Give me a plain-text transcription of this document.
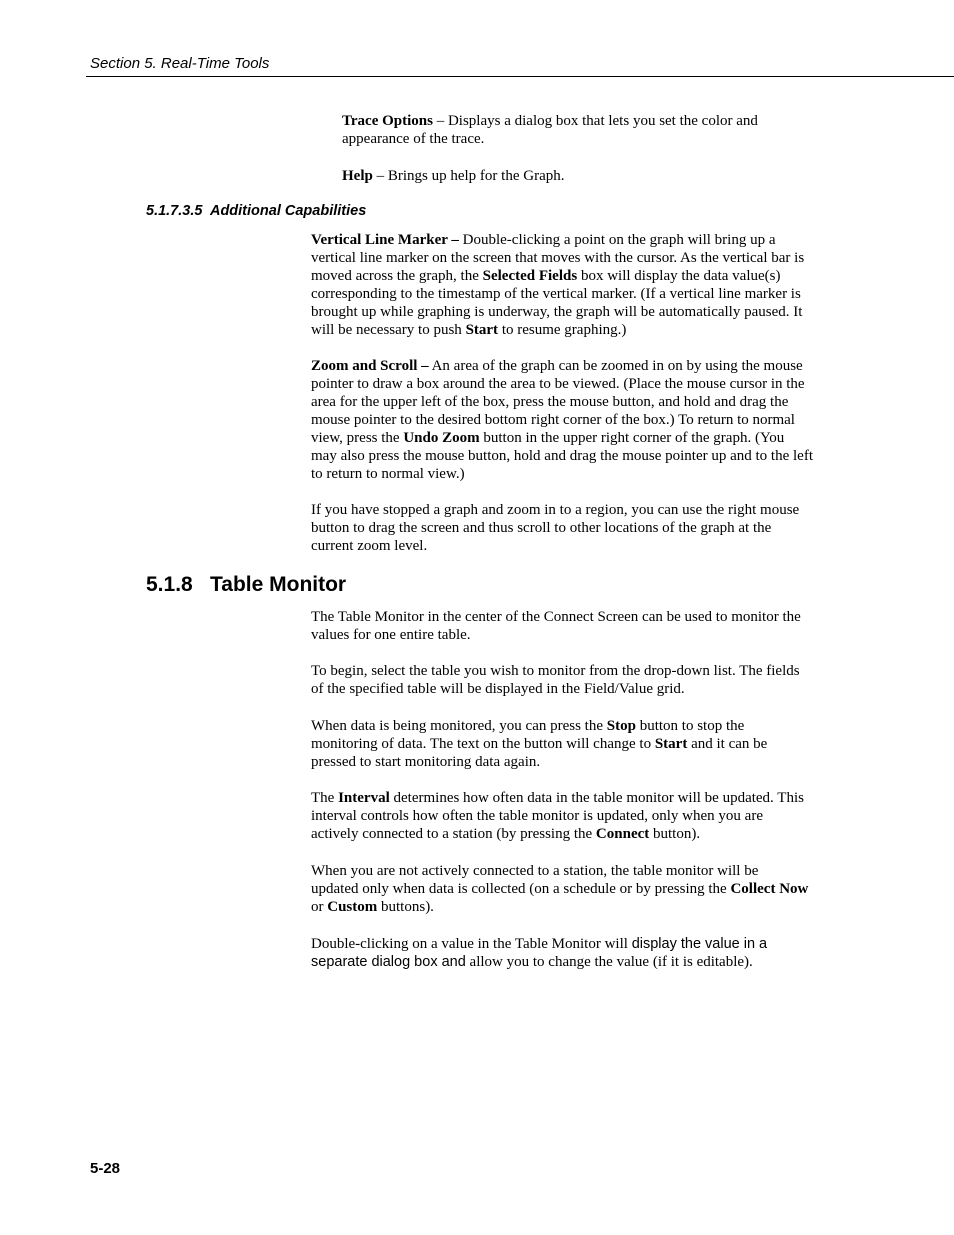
Section 5. Real-Time Tools

Trace Options – Displays a dialog box that lets you set the color and appearance of the trace.

Help – Brings up help for the Graph.

5.1.7.3.5 Additional Capabilities

Vertical Line Marker – Double-clicking a point on the graph will bring up a vertical line marker on the screen that moves with the cursor. As the vertical bar is moved across the graph, the Selected Fields box will display the data value(s) corresponding to the timestamp of the vertical marker. (If a vertical line marker is brought up while graphing is underway, the graph will be automatically paused. It will be necessary to push Start to resume graphing.)

Zoom and Scroll – An area of the graph can be zoomed in on by using the mouse pointer to draw a box around the area to be viewed. (Place the mouse cursor in the area for the upper left of the box, press the mouse button, and hold and drag the mouse pointer to the desired bottom right corner of the box.) To return to normal view, press the Undo Zoom button in the upper right corner of the graph. (You may also press the mouse button, hold and drag the mouse pointer up and to the left to return to normal view.)

If you have stopped a graph and zoom in to a region, you can use the right mouse button to drag the screen and thus scroll to other locations of the graph at the current zoom level.

5.1.8 Table Monitor

The Table Monitor in the center of the Connect Screen can be used to monitor the values for one entire table.

To begin, select the table you wish to monitor from the drop-down list. The fields of the specified table will be displayed in the Field/Value grid.

When data is being monitored, you can press the Stop button to stop the monitoring of data. The text on the button will change to Start and it can be pressed to start monitoring data again.

The Interval determines how often data in the table monitor will be updated. This interval controls how often the table monitor is updated, only when you are actively connected to a station (by pressing the Connect button).

When you are not actively connected to a station, the table monitor will be updated only when data is collected (on a schedule or by pressing the Collect Now or Custom buttons).

Double-clicking on a value in the Table Monitor will display the value in a separate dialog box and allow you to change the value (if it is editable).

5-28
